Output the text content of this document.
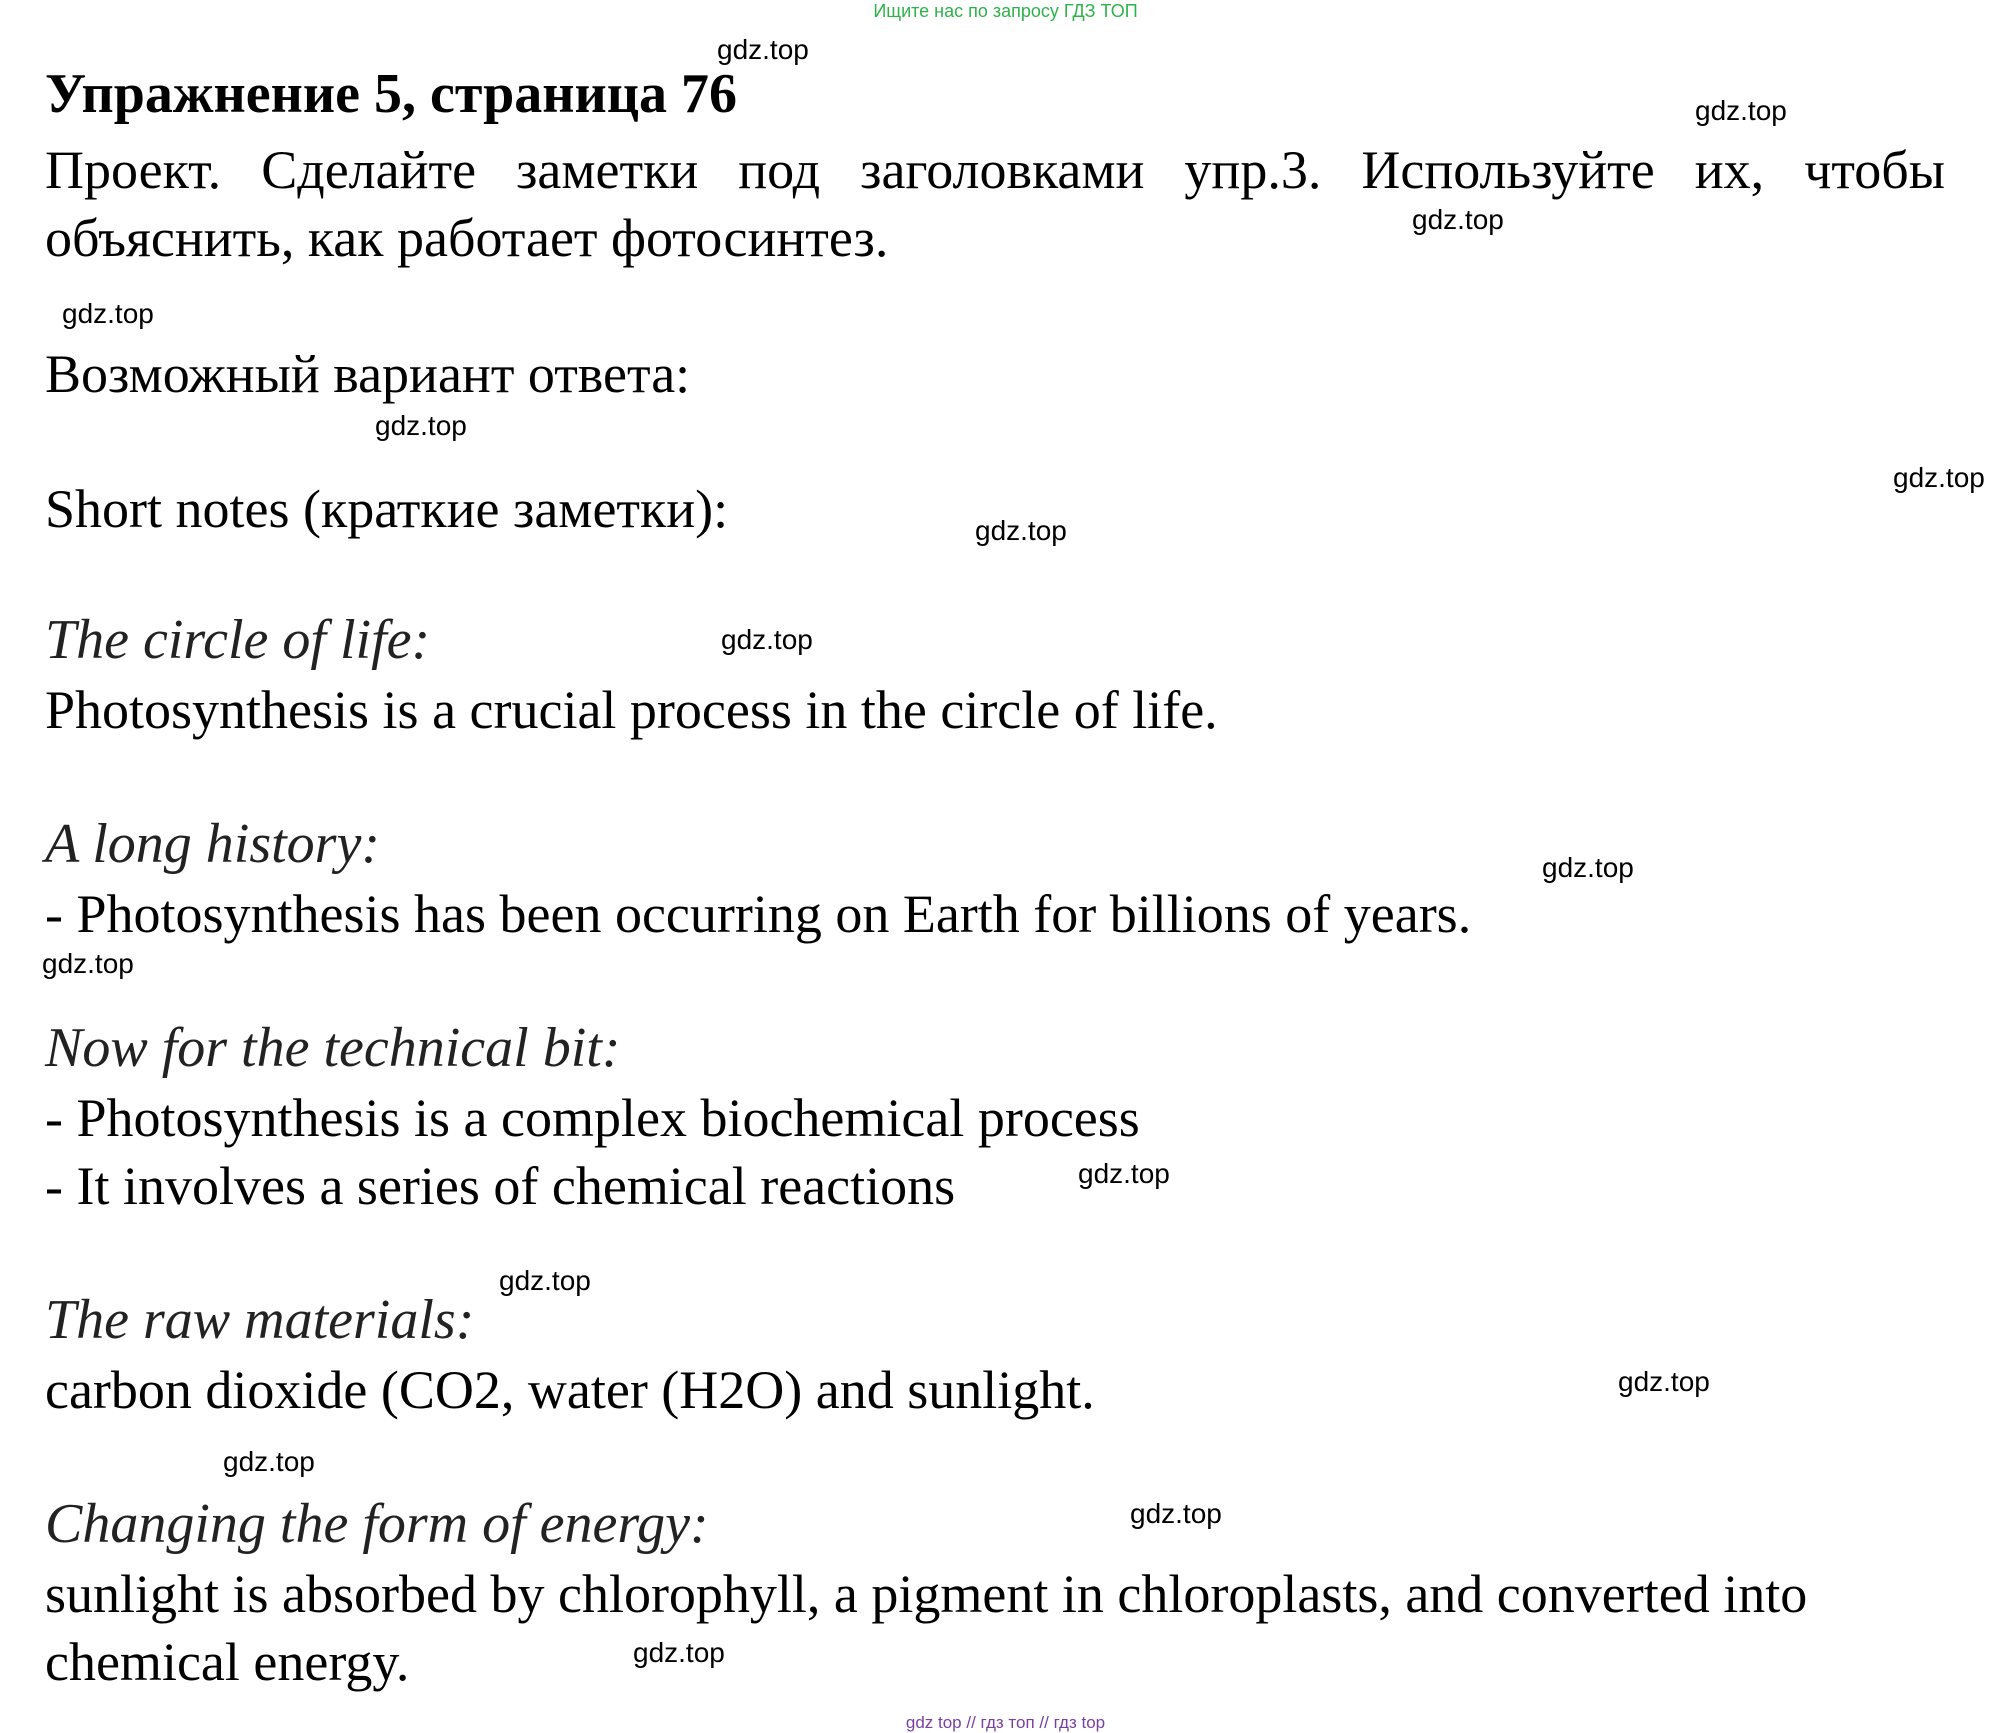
Ищите нас по запросу ГДЗ ТОП
Упражнение 5, страница 76
Проект. Сделайте заметки под заголовками упр.3. Используйте их, чтобы объяснить, как работает фотосинтез.
Возможный вариант ответа:
Short notes (краткие заметки):
The circle of life:
Photosynthesis is a crucial process in the circle of life.
A long history:
- Photosynthesis has been occurring on Earth for billions of years.
Now for the technical bit:
- Photosynthesis is a complex biochemical process
- It involves a series of chemical reactions
The raw materials:
carbon dioxide (CO2, water (H2O) and sunlight.
Changing the form of energy:
sunlight is absorbed by chlorophyll, a pigment in chloroplasts, and converted into
chemical energy.
gdz.top
gdz.top
gdz.top
gdz.top
gdz.top
gdz.top
gdz.top
gdz.top
gdz.top
gdz.top
gdz.top
gdz.top
gdz.top
gdz.top
gdz.top
gdz.top
gdz top // гдз топ // гдз top
